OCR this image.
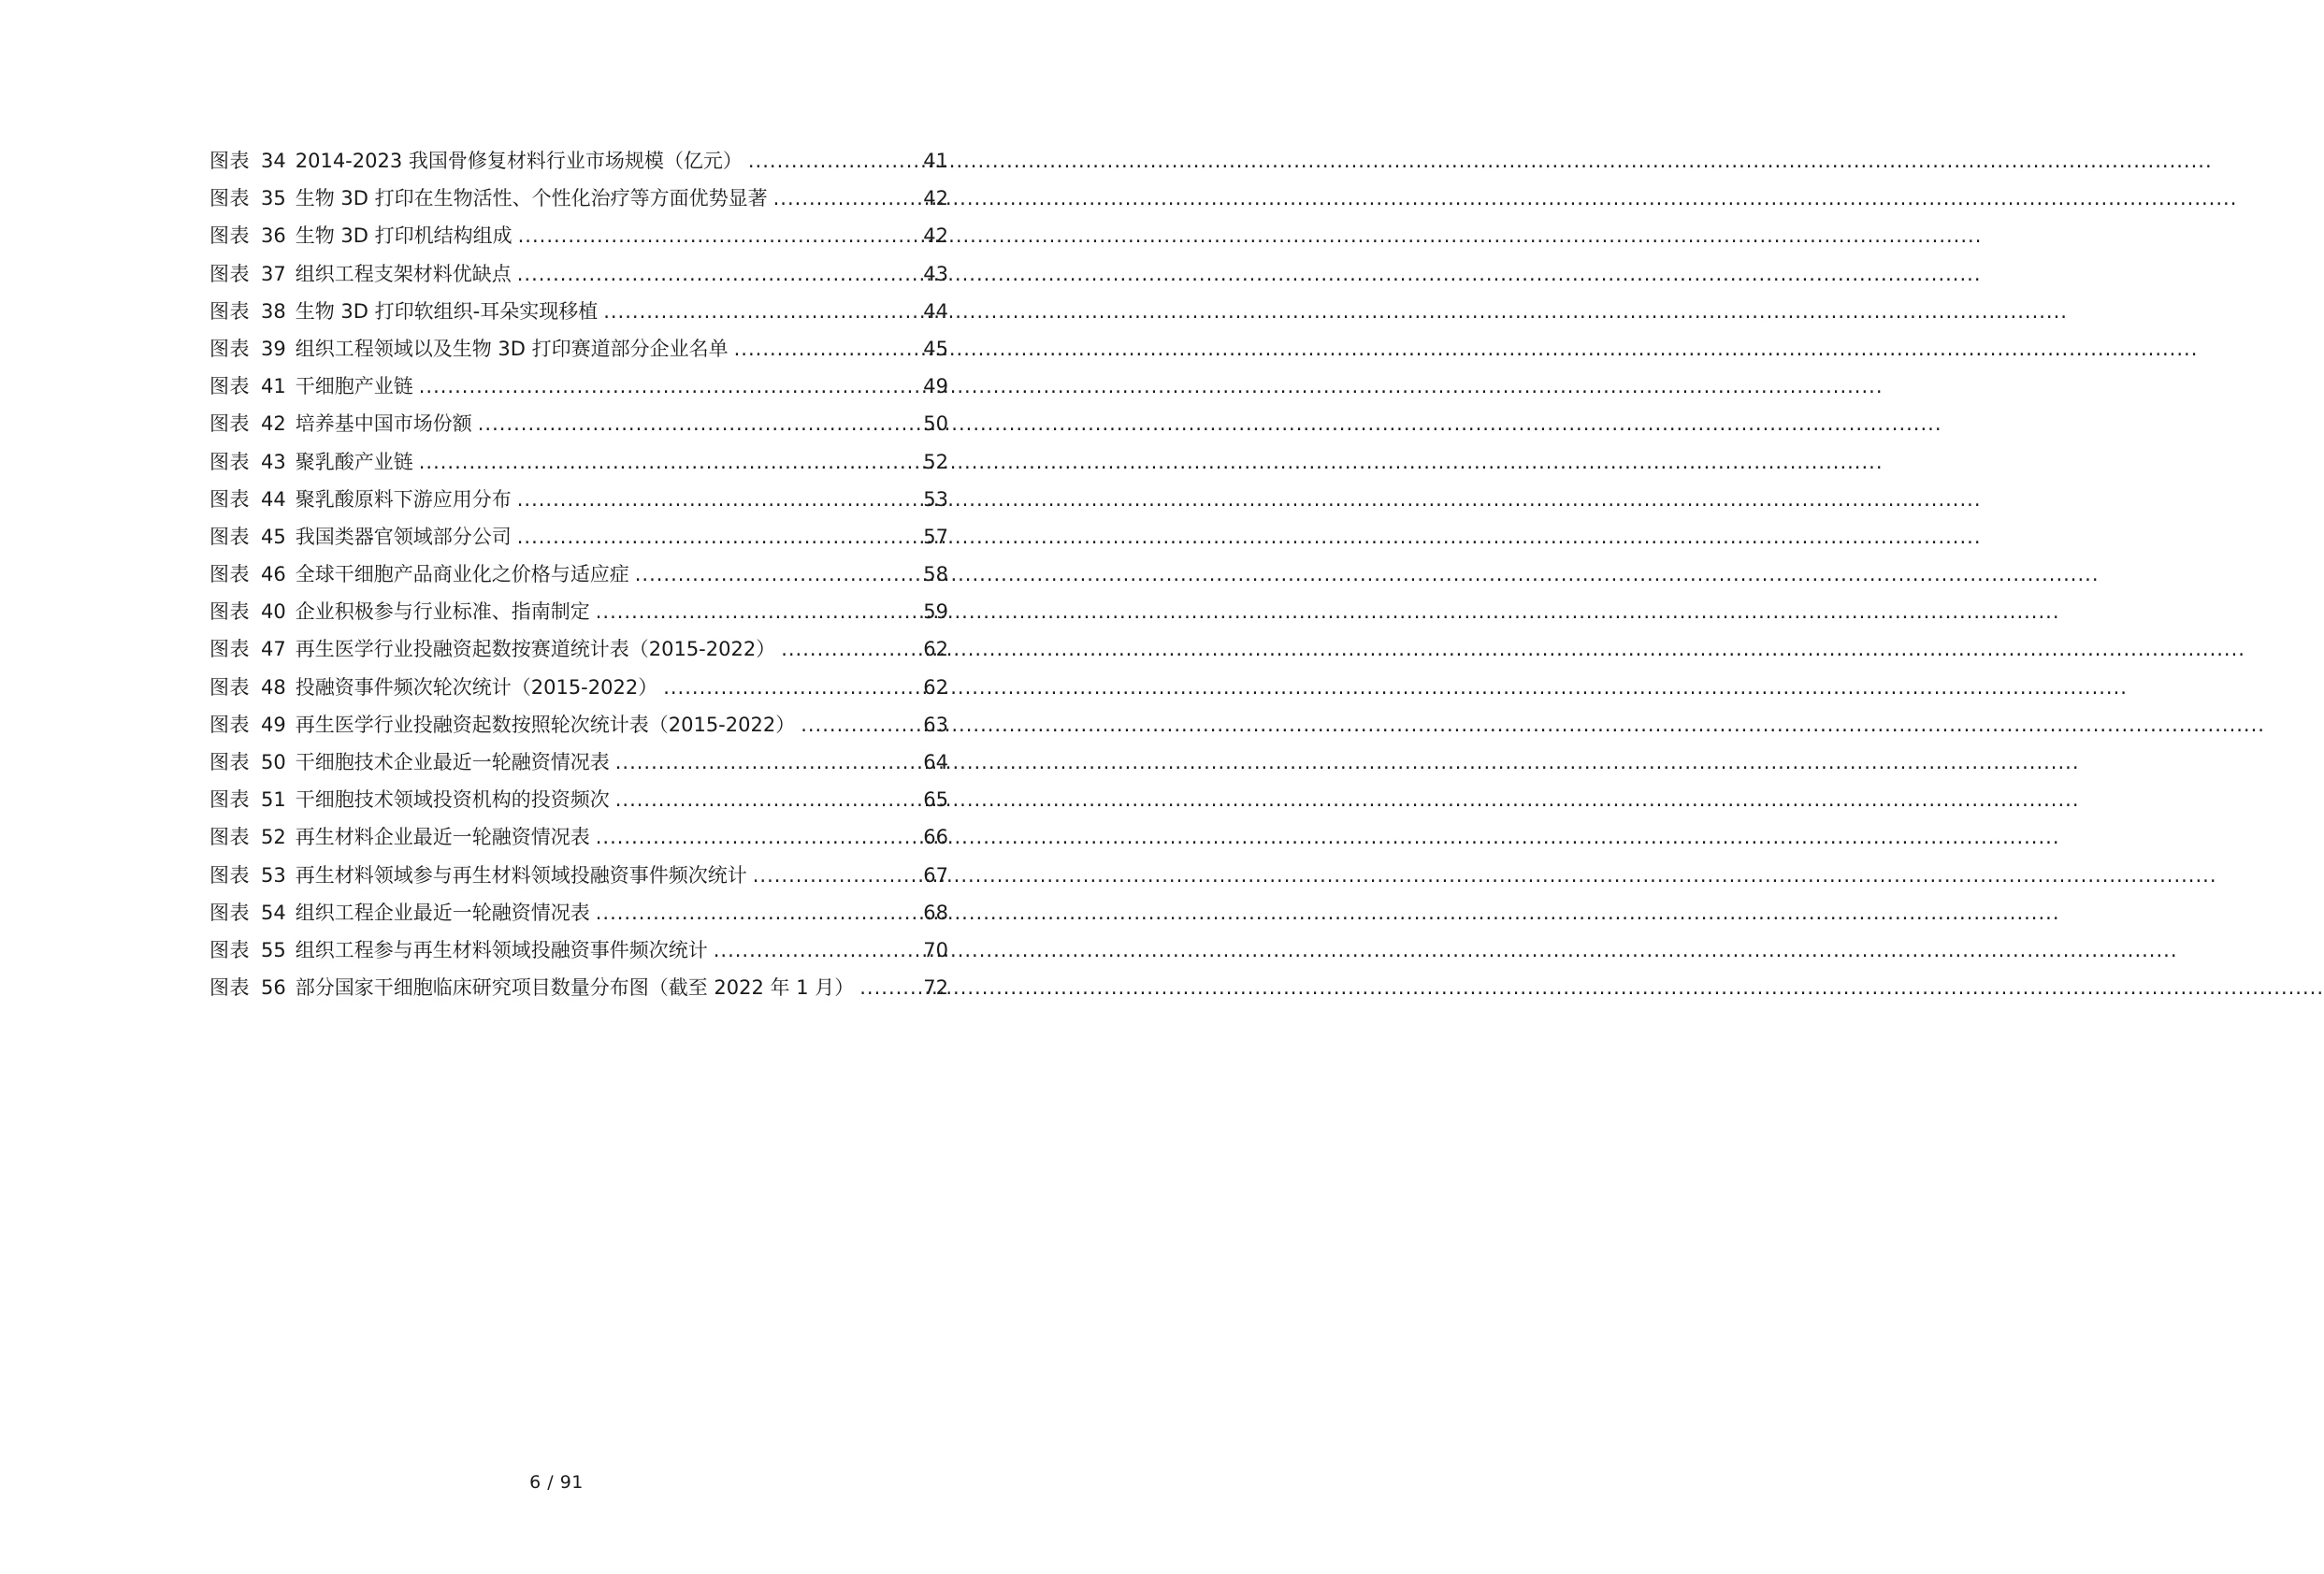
图表 34 2014-2023 我国骨修复材料行业市场规模（亿元） .....	41
图表 35 生物 3D 打印在生物活性、个性化治疗等方面优势显著 .....	42
图表 36 生物 3D 打印机结构组成 .....	42
图表 37 组织工程支架材料优缺点 .....	43
图表 38 生物 3D 打印软组织-耳朵实现移植 .....	44
图表 39 组织工程领域以及生物 3D 打印赛道部分企业名单 .....	45
图表 41 干细胞产业链 .....	49
图表 42 培养基中国市场份额 .....	50
图表 43 聚乳酸产业链 .....	52
图表 44 聚乳酸原料下游应用分布 .....	53
图表 45 我国类器官领域部分公司 .....	57
图表 46 全球干细胞产品商业化之价格与适应症 .....	58
图表 40 企业积极参与行业标准、指南制定 .....	59
图表 47 再生医学行业投融资起数按赛道统计表（2015-2022） .....	62
图表 48 投融资事件频次轮次统计（2015-2022） .....	62
图表 49 再生医学行业投融资起数按照轮次统计表（2015-2022） .....	63
图表 50 干细胞技术企业最近一轮融资情况表 .....	64
图表 51 干细胞技术领域投资机构的投资频次 .....	65
图表 52 再生材料企业最近一轮融资情况表 .....	66
图表 53 再生材料领域参与再生材料领域投融资事件频次统计 .....	67
图表 54 组织工程企业最近一轮融资情况表 .....	68
图表 55 组织工程参与再生材料领域投融资事件频次统计 .....	70
图表 56 部分国家干细胞临床研究项目数量分布图（截至 2022 年 1 月） .....	72
6 / 91
